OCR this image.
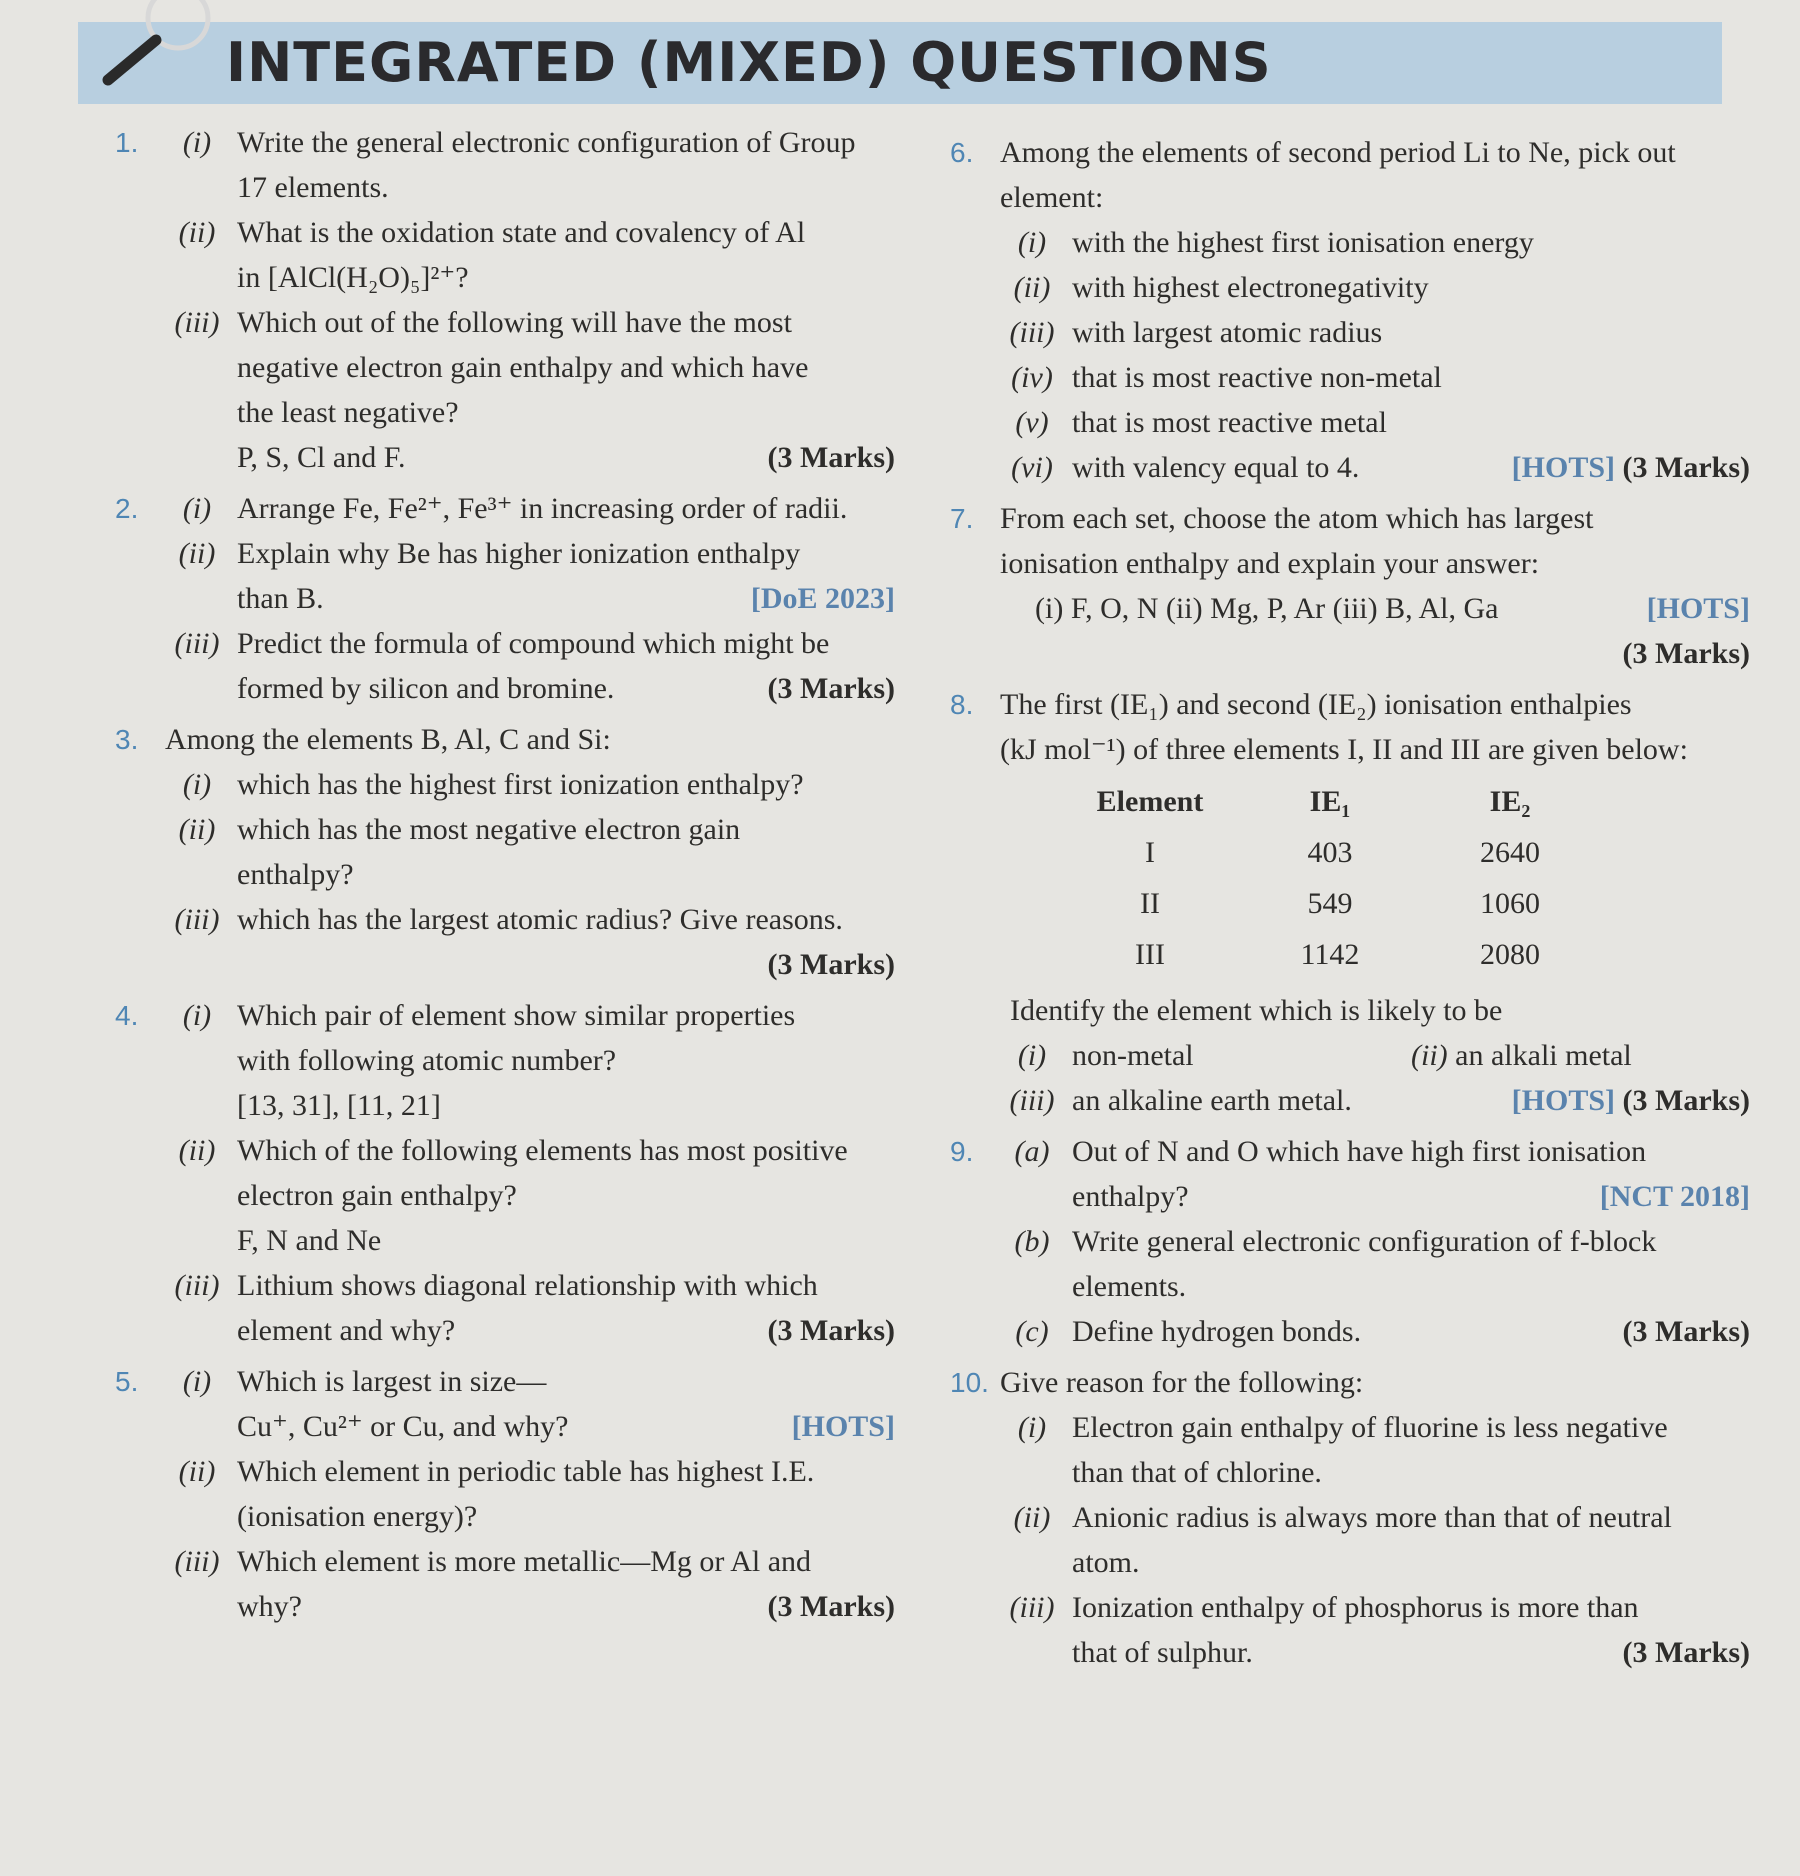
INTEGRATED (MIXED) QUESTIONS
1.	(i) Write the general electronic configuration of Group
17 elements.
(ii) What is the oxidation state and covalency of Al
in [AlCl(H₂O)₅]²⁺?
(iii) Which out of the following will have the most
negative electron gain enthalpy and which have
the least negative?
P, S, Cl and F.	(3 Marks)
2.	(i) Arrange Fe, Fe²⁺, Fe³⁺ in increasing order of radii.
(ii) Explain why Be has higher ionization enthalpy
than B.	[DoE 2023]
(iii) Predict the formula of compound which might be
formed by silicon and bromine.	(3 Marks)
3. Among the elements B, Al, C and Si:
(i) which has the highest first ionization enthalpy?
(ii) which has the most negative electron gain
enthalpy?
(iii) which has the largest atomic radius? Give reasons.
(3 Marks)
4.	(i) Which pair of element show similar properties
with following atomic number?
[13, 31], [11, 21]
(ii) Which of the following elements has most positive
electron gain enthalpy?
F, N and Ne
(iii) Lithium shows diagonal relationship with which
element and why?	(3 Marks)
5.	(i) Which is largest in size—
Cu⁺, Cu²⁺ or Cu, and why?	[HOTS]
(ii) Which element in periodic table has highest I.E.
(ionisation energy)?
(iii) Which element is more metallic—Mg or Al and
why?	(3 Marks)
6. Among the elements of second period Li to Ne, pick out
element:
(i) with the highest first ionisation energy
(ii) with highest electronegativity
(iii) with largest atomic radius
(iv) that is most reactive non-metal
(v) that is most reactive metal
(vi) with valency equal to 4.	[HOTS] (3 Marks)
7. From each set, choose the atom which has largest
ionisation enthalpy and explain your answer:
(i) F, O, N (ii) Mg, P, Ar (iii) B, Al, Ga	[HOTS]
(3 Marks)
8. The first (IE₁) and second (IE₂) ionisation enthalpies
(kJ mol⁻¹) of three elements I, II and III are given below:
Element	IE₁	IE₂
I	403	2640
II	549	1060
III	1142	2080
Identify the element which is likely to be
(i) non-metal	(ii) an alkali metal
(iii) an alkaline earth metal.	[HOTS] (3 Marks)
9.	(a) Out of N and O which have high first ionisation
enthalpy?	[NCT 2018]
(b) Write general electronic configuration of f-block
elements.
(c) Define hydrogen bonds.	(3 Marks)
10. Give reason for the following:
(i) Electron gain enthalpy of fluorine is less negative
than that of chlorine.
(ii) Anionic radius is always more than that of neutral
atom.
(iii) Ionization enthalpy of phosphorus is more than
that of sulphur.	(3 Marks)
